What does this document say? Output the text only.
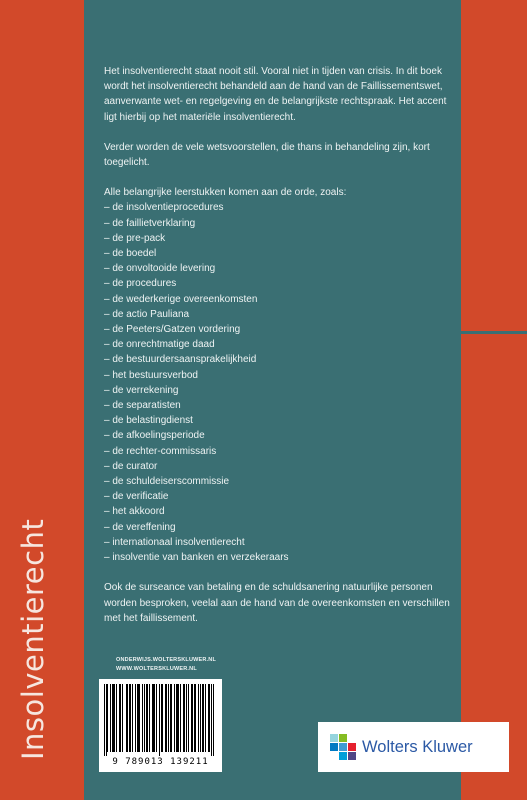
Insolventierecht

Het insolventierecht staat nooit stil. Vooral niet in tijden van crisis. In dit boek wordt het insolventierecht behandeld aan de hand van de Faillissementswet, aanverwante wet- en regelgeving en de belangrijkste rechtspraak. Het accent ligt hierbij op het materiële insolventierecht.

Verder worden de vele wetsvoorstellen, die thans in behandeling zijn, kort toegelicht.

Alle belangrijke leerstukken komen aan de orde, zoals:
– de insolventieprocedures
– de faillietverklaring
– de pre-pack
– de boedel
– de onvoltooide levering
– de procedures
– de wederkerige overeenkomsten
– de actio Pauliana
– de Peeters/Gatzen vordering
– de onrechtmatige daad
– de bestuurdersaansprakelijkheid
– het bestuursverbod
– de verrekening
– de separatisten
– de belastingdienst
– de afkoelingsperiode
– de rechter-commissaris
– de curator
– de schuldeiserscommissie
– de verificatie
– het akkoord
– de vereffening
– internationaal insolventierecht
– insolventie van banken en verzekeraars

Ook de surseance van betaling en de schuldsanering natuurlijke personen worden besproken, veelal aan de hand van de overeenkomsten en verschillen met het faillissement.

ONDERWIJS.WOLTERSKLUWER.NL
WWW.WOLTERSKLUWER.NL
9 789013 139211
Wolters Kluwer
